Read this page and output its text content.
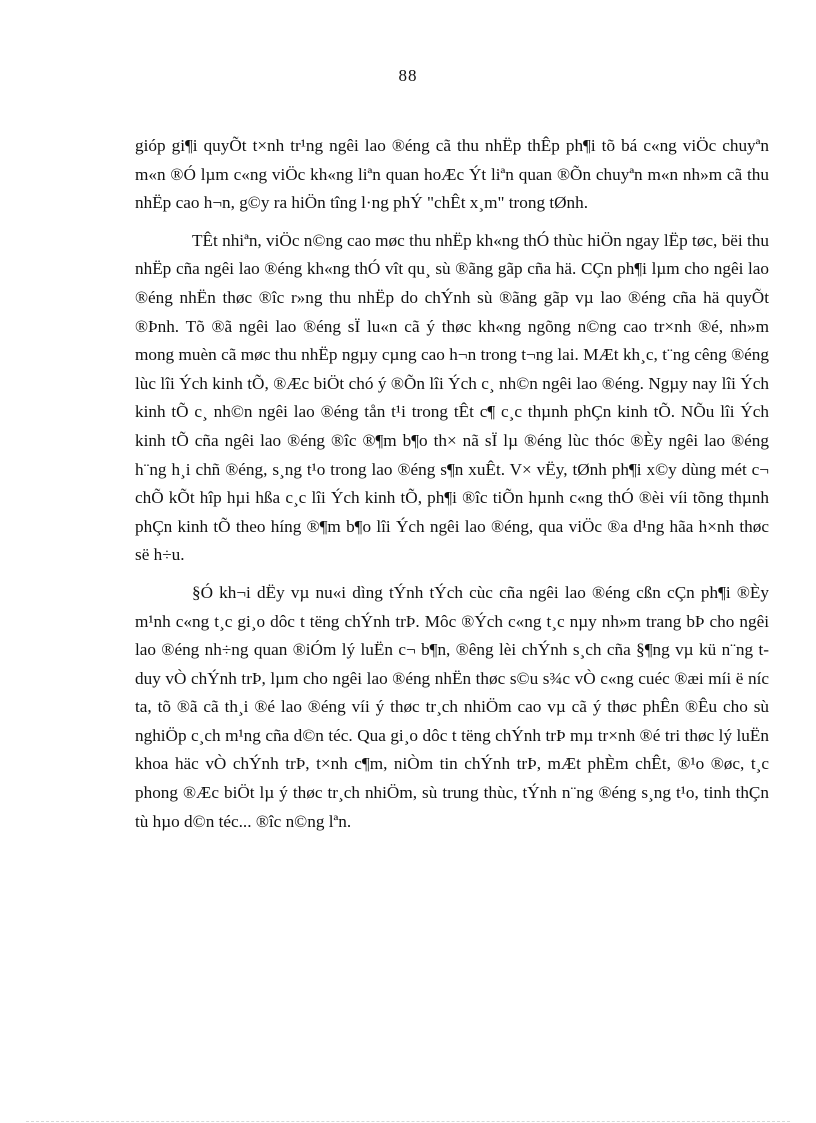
88

gióp gi¶i quyÕt t×nh tr¹ng ngêi lao ®éng cã thu nhËp thÊp ph¶i tõ bá c«ng viÖc chuyªn m«n ®Ó lµm c«ng viÖc kh«ng liªn quan hoÆc Ýt liªn quan ®Õn chuyªn m«n nh»m cã thu nhËp cao h¬n, g©y ra hiÖn tîng l·ng phÝ "chÊt x¸m" trong tØnh.

TÊt nhiªn, viÖc n©ng cao møc thu nhËp kh«ng thÓ thùc hiÖn ngay lËp tøc, bëi thu nhËp cña ngêi lao ®éng kh«ng thÓ vît qu¸ sù ®ãng gãp cña hä. CÇn ph¶i lµm cho ngêi lao ®éng nhËn thøc ®îc r»ng thu nhËp do chÝnh sù ®ãng gãp vµ lao ®éng cña hä quyÕt ®Þnh. Tõ ®ã ngêi lao ®éng sÏ lu«n cã ý thøc kh«ng ngõng n©ng cao tr×nh ®é, nh»m mong muèn cã møc thu nhËp ngµy cµng cao h¬n trong t¬ng lai. MÆt kh¸c, t¨ng cêng ®éng lùc lîi Ých kinh tÕ, ®Æc biÖt chó ý ®Õn lîi Ých c¸ nh©n ngêi lao ®éng. Ngµy nay lîi Ých kinh tÕ c¸ nh©n ngêi lao ®éng tån t¹i trong tÊt c¶ c¸c thµnh phÇn kinh tÕ. NÕu lîi Ých kinh tÕ cña ngêi lao ®éng ®îc ®¶m b¶o th× nã sÏ lµ ®éng lùc thóc ®Èy ngêi lao ®éng h¨ng h¸i chñ ®éng, s¸ng t¹o trong lao ®éng s¶n xuÊt. V× vËy, tØnh ph¶i x©y dùng mét c¬ chÕ kÕt hîp hµi hßa c¸c lîi Ých kinh tÕ, ph¶i ®îc tiÕn hµnh c«ng thÓ ®èi víi tõng thµnh phÇn kinh tÕ theo híng ®¶m b¶o lîi Ých ngêi lao ®éng, qua viÖc ®a d¹ng hãa h×nh thøc së h÷u.

§Ó kh¬i dËy vµ nu«i dìng tÝnh tÝch cùc cña ngêi lao ®éng cßn cÇn ph¶i ®Èy m¹nh c«ng t¸c gi¸o dôc t tëng chÝnh trÞ. Môc ®Ých c«ng t¸c nµy nh»m trang bÞ cho ngêi lao ®éng nh÷ng quan ®iÓm lý luËn c¬ b¶n, ®êng lèi chÝnh s¸ch cña §¶ng vµ kü n¨ng t duy vÒ chÝnh trÞ, lµm cho ngêi lao ®éng nhËn thøc s©u s¾c vÒ c«ng cuéc ®æi míi ë níc ta, tõ ®ã cã th¸i ®é lao ®éng víi ý thøc tr¸ch nhiÖm cao vµ cã ý thøc phÊn ®Êu cho sù nghiÖp c¸ch m¹ng cña d©n téc. Qua gi¸o dôc t tëng chÝnh trÞ mµ tr×nh ®é tri thøc lý luËn khoa häc vÒ chÝnh trÞ, t×nh c¶m, niÒm tin chÝnh trÞ, mÆt phÈm chÊt, ®¹o ®øc, t¸c phong ®Æc biÖt lµ ý thøc tr¸ch nhiÖm, sù trung thùc, tÝnh n¨ng ®éng s¸ng t¹o, tinh thÇn tù hµo d©n téc... ®îc n©ng lªn.
